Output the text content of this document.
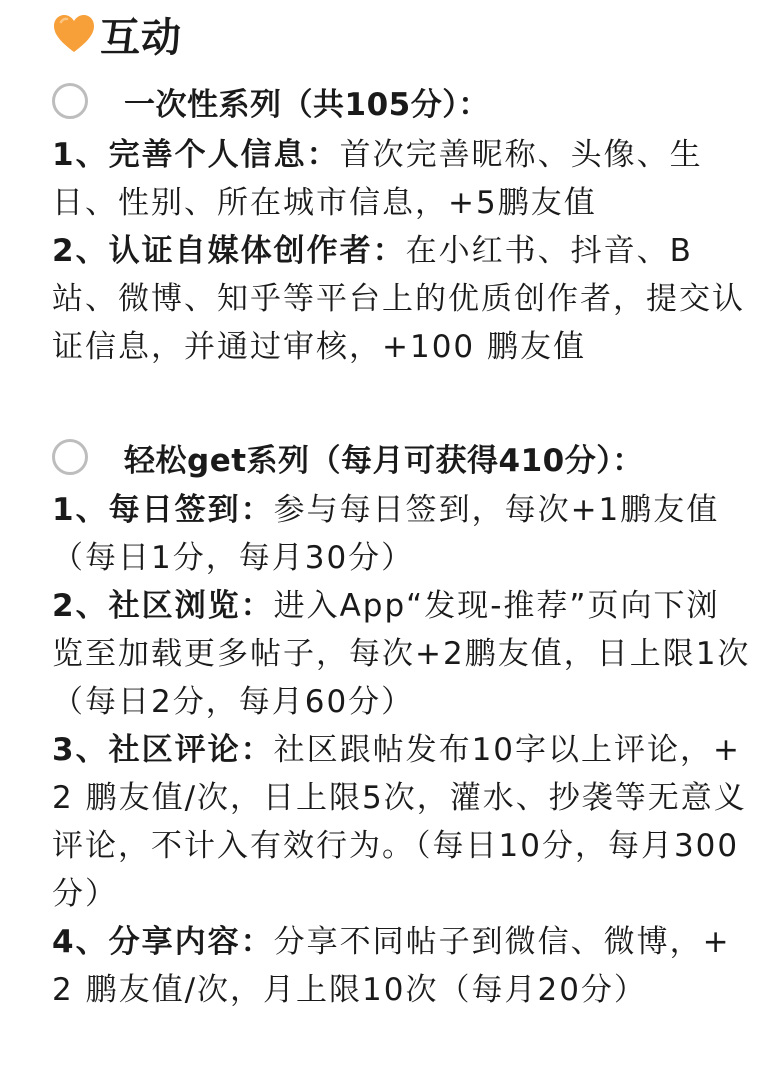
互动
一次性系列（共105分）：

1、完善个人信息：首次完善昵称、头像、生日、性别、所在城市信息，+5鹏友值

2、认证自媒体创作者：在小红书、抖音、B站、微博、知乎等平台上的优质创作者，提交认证信息，并通过审核，+100 鹏友值

轻松get系列（每月可获得410分）：

1、每日签到：参与每日签到，每次+1鹏友值（每日1分，每月30分）

2、社区浏览：进入App“发现-推荐”页向下浏览至加载更多帖子，每次+2鹏友值，日上限1次（每日2分，每月60分）

3、社区评论：社区跟帖发布10字以上评论，+2 鹏友值/次，日上限5次，灌水、抄袭等无意义评论，不计入有效行为。（每日10分，每月300分）

4、分享内容：分享不同帖子到微信、微博，+2 鹏友值/次，月上限10次（每月20分）
